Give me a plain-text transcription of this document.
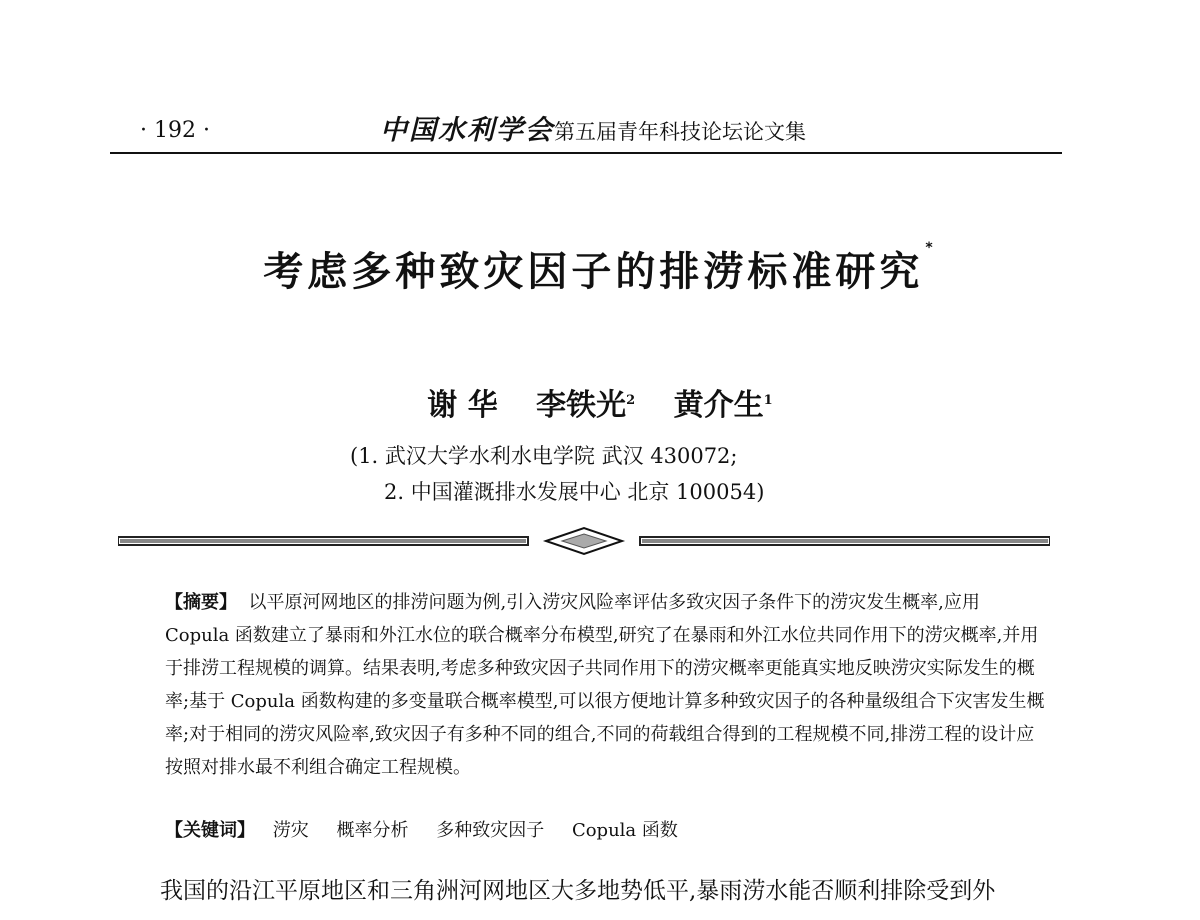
· 192 ·	中国水利学会第五届青年科技论坛论文集
考虑多种致灾因子的排涝标准研究*
谢 华 李铁光$^2$ 黄介生$^1$
(1. 武汉大学水利水电学院 武汉 430072;
2. 中国灌溉排水发展中心 北京 100054)
【摘要】 以平原河网地区的排涝问题为例,引入涝灾风险率评估多致灾因子条件下的涝灾发生概率,应用 Copula 函数建立了暴雨和外江水位的联合概率分布模型,研究了在暴雨和外江水位共同作用下的涝灾概率,并用于排涝工程规模的调算。结果表明,考虑多种致灾因子共同作用下的涝灾概率更能真实地反映涝灾实际发生的概率;基于 Copula 函数构建的多变量联合概率模型,可以很方便地计算多种致灾因子的各种量级组合下灾害发生概率;对于相同的涝灾风险率,致灾因子有多种不同的组合,不同的荷载组合得到的工程规模不同,排涝工程的设计应按照对排水最不利组合确定工程规模。
【关键词】 涝灾 概率分析 多种致灾因子 Copula 函数
我国的沿江平原地区和三角洲河网地区大多地势低平,暴雨涝水能否顺利排除受到外
